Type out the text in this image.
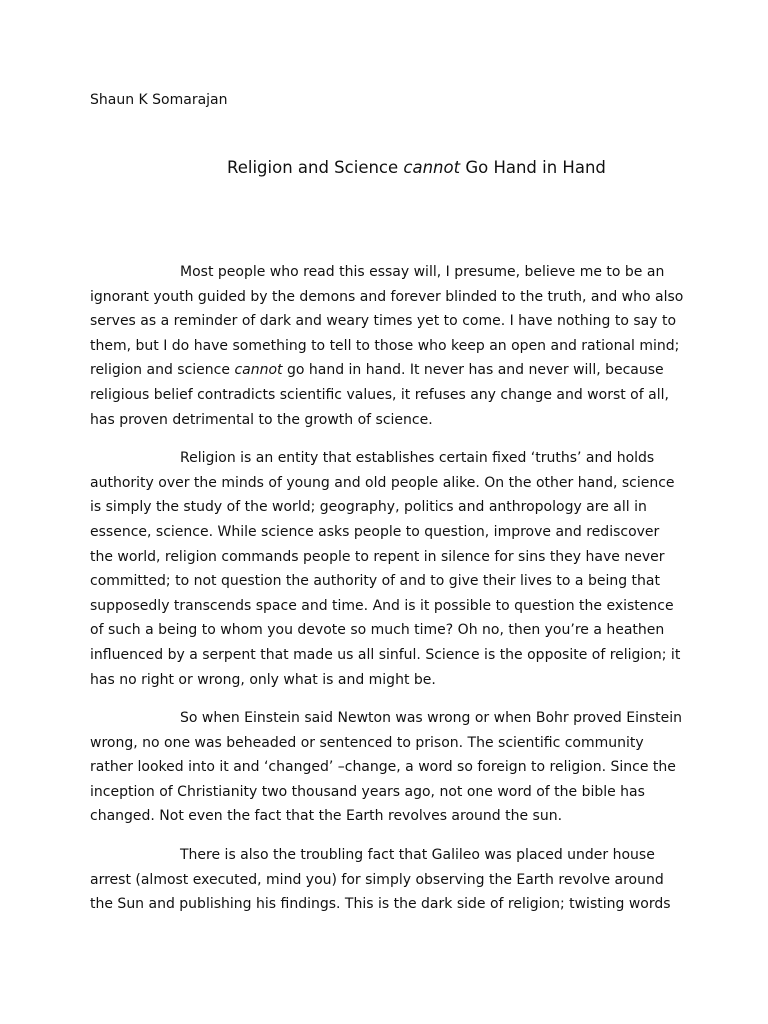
Shaun K Somarajan

Religion and Science cannot Go Hand in Hand

Most people who read this essay will, I presume, believe me to be an
ignorant youth guided by the demons and forever blinded to the truth, and who also
serves as a reminder of dark and weary times yet to come. I have nothing to say to
them, but I do have something to tell to those who keep an open and rational mind;
religion and science cannot go hand in hand. It never has and never will, because
religious belief contradicts scientific values, it refuses any change and worst of all,
has proven detrimental to the growth of science.

Religion is an entity that establishes certain fixed ‘truths’ and holds
authority over the minds of young and old people alike. On the other hand, science
is simply the study of the world; geography, politics and anthropology are all in
essence, science. While science asks people to question, improve and rediscover
the world, religion commands people to repent in silence for sins they have never
committed; to not question the authority of and to give their lives to a being that
supposedly transcends space and time. And is it possible to question the existence
of such a being to whom you devote so much time? Oh no, then you’re a heathen
influenced by a serpent that made us all sinful. Science is the opposite of religion; it
has no right or wrong, only what is and might be.

So when Einstein said Newton was wrong or when Bohr proved Einstein
wrong, no one was beheaded or sentenced to prison. The scientific community
rather looked into it and ‘changed’ –change, a word so foreign to religion. Since the
inception of Christianity two thousand years ago, not one word of the bible has
changed. Not even the fact that the Earth revolves around the sun.

There is also the troubling fact that Galileo was placed under house
arrest (almost executed, mind you) for simply observing the Earth revolve around
the Sun and publishing his findings. This is the dark side of religion; twisting words
